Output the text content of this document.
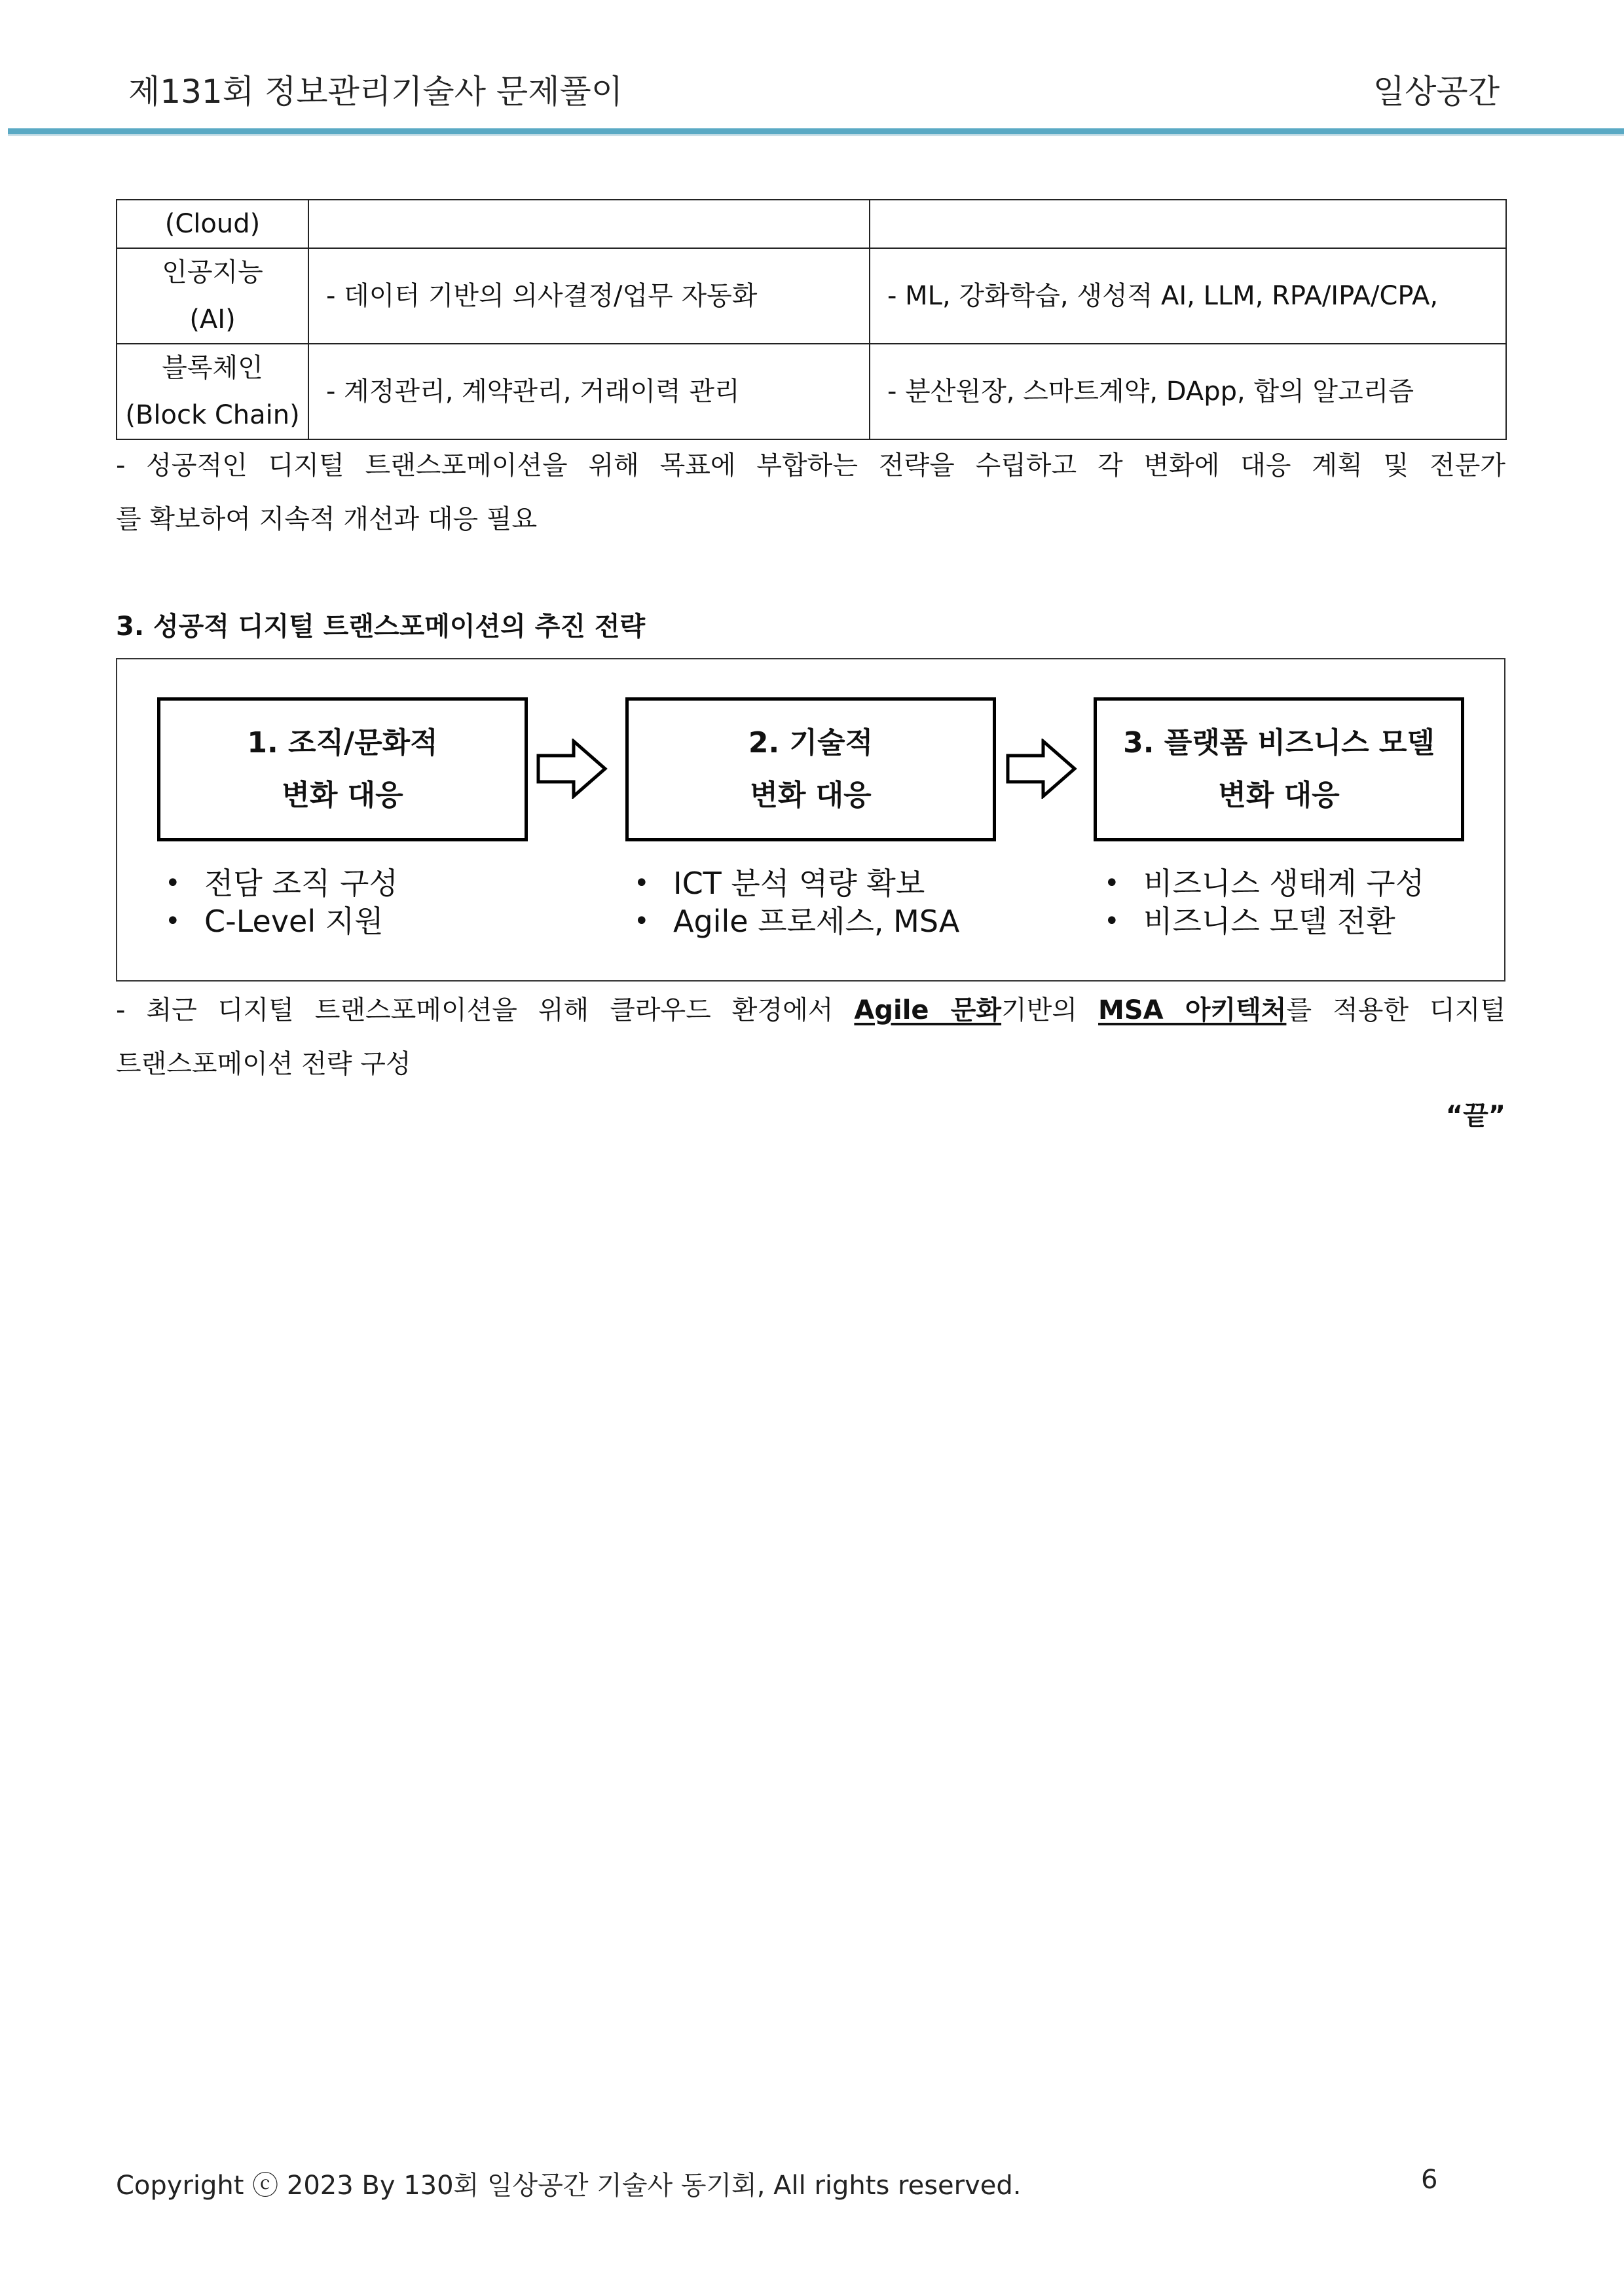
제131회 정보관리기술사 문제풀이	일상공간
(Cloud)		

인공지능
(AI)	- 데이터 기반의 의사결정/업무 자동화	- ML, 강화학습, 생성적 AI, LLM, RPA/IPA/CPA,

블록체인
(Block Chain)	- 계정관리, 계약관리, 거래이력 관리	- 분산원장, 스마트계약, DApp, 합의 알고리즘
- 성공적인 디지털 트랜스포메이션을 위해 목표에 부합하는 전략을 수립하고 각 변화에 대응 계획 및 전문가
를 확보하여 지속적 개선과 대응 필요
3. 성공적 디지털 트랜스포메이션의 추진 전략
1. 조직/문화적
변화 대응
2. 기술적
변화 대응
3. 플랫폼 비즈니스 모델
변화 대응
• 전담 조직 구성
• C-Level 지원
• ICT 분석 역량 확보
• Agile 프로세스, MSA
• 비즈니스 생태계 구성
• 비즈니스 모델 전환
- 최근 디지털 트랜스포메이션을 위해 클라우드 환경에서 Agile 문화기반의 MSA 아키텍처를 적용한 디지털
트랜스포메이션 전략 구성
“끝”
Copyright ⓒ 2023 By 130회 일상공간 기술사 동기회, All rights reserved.	6
